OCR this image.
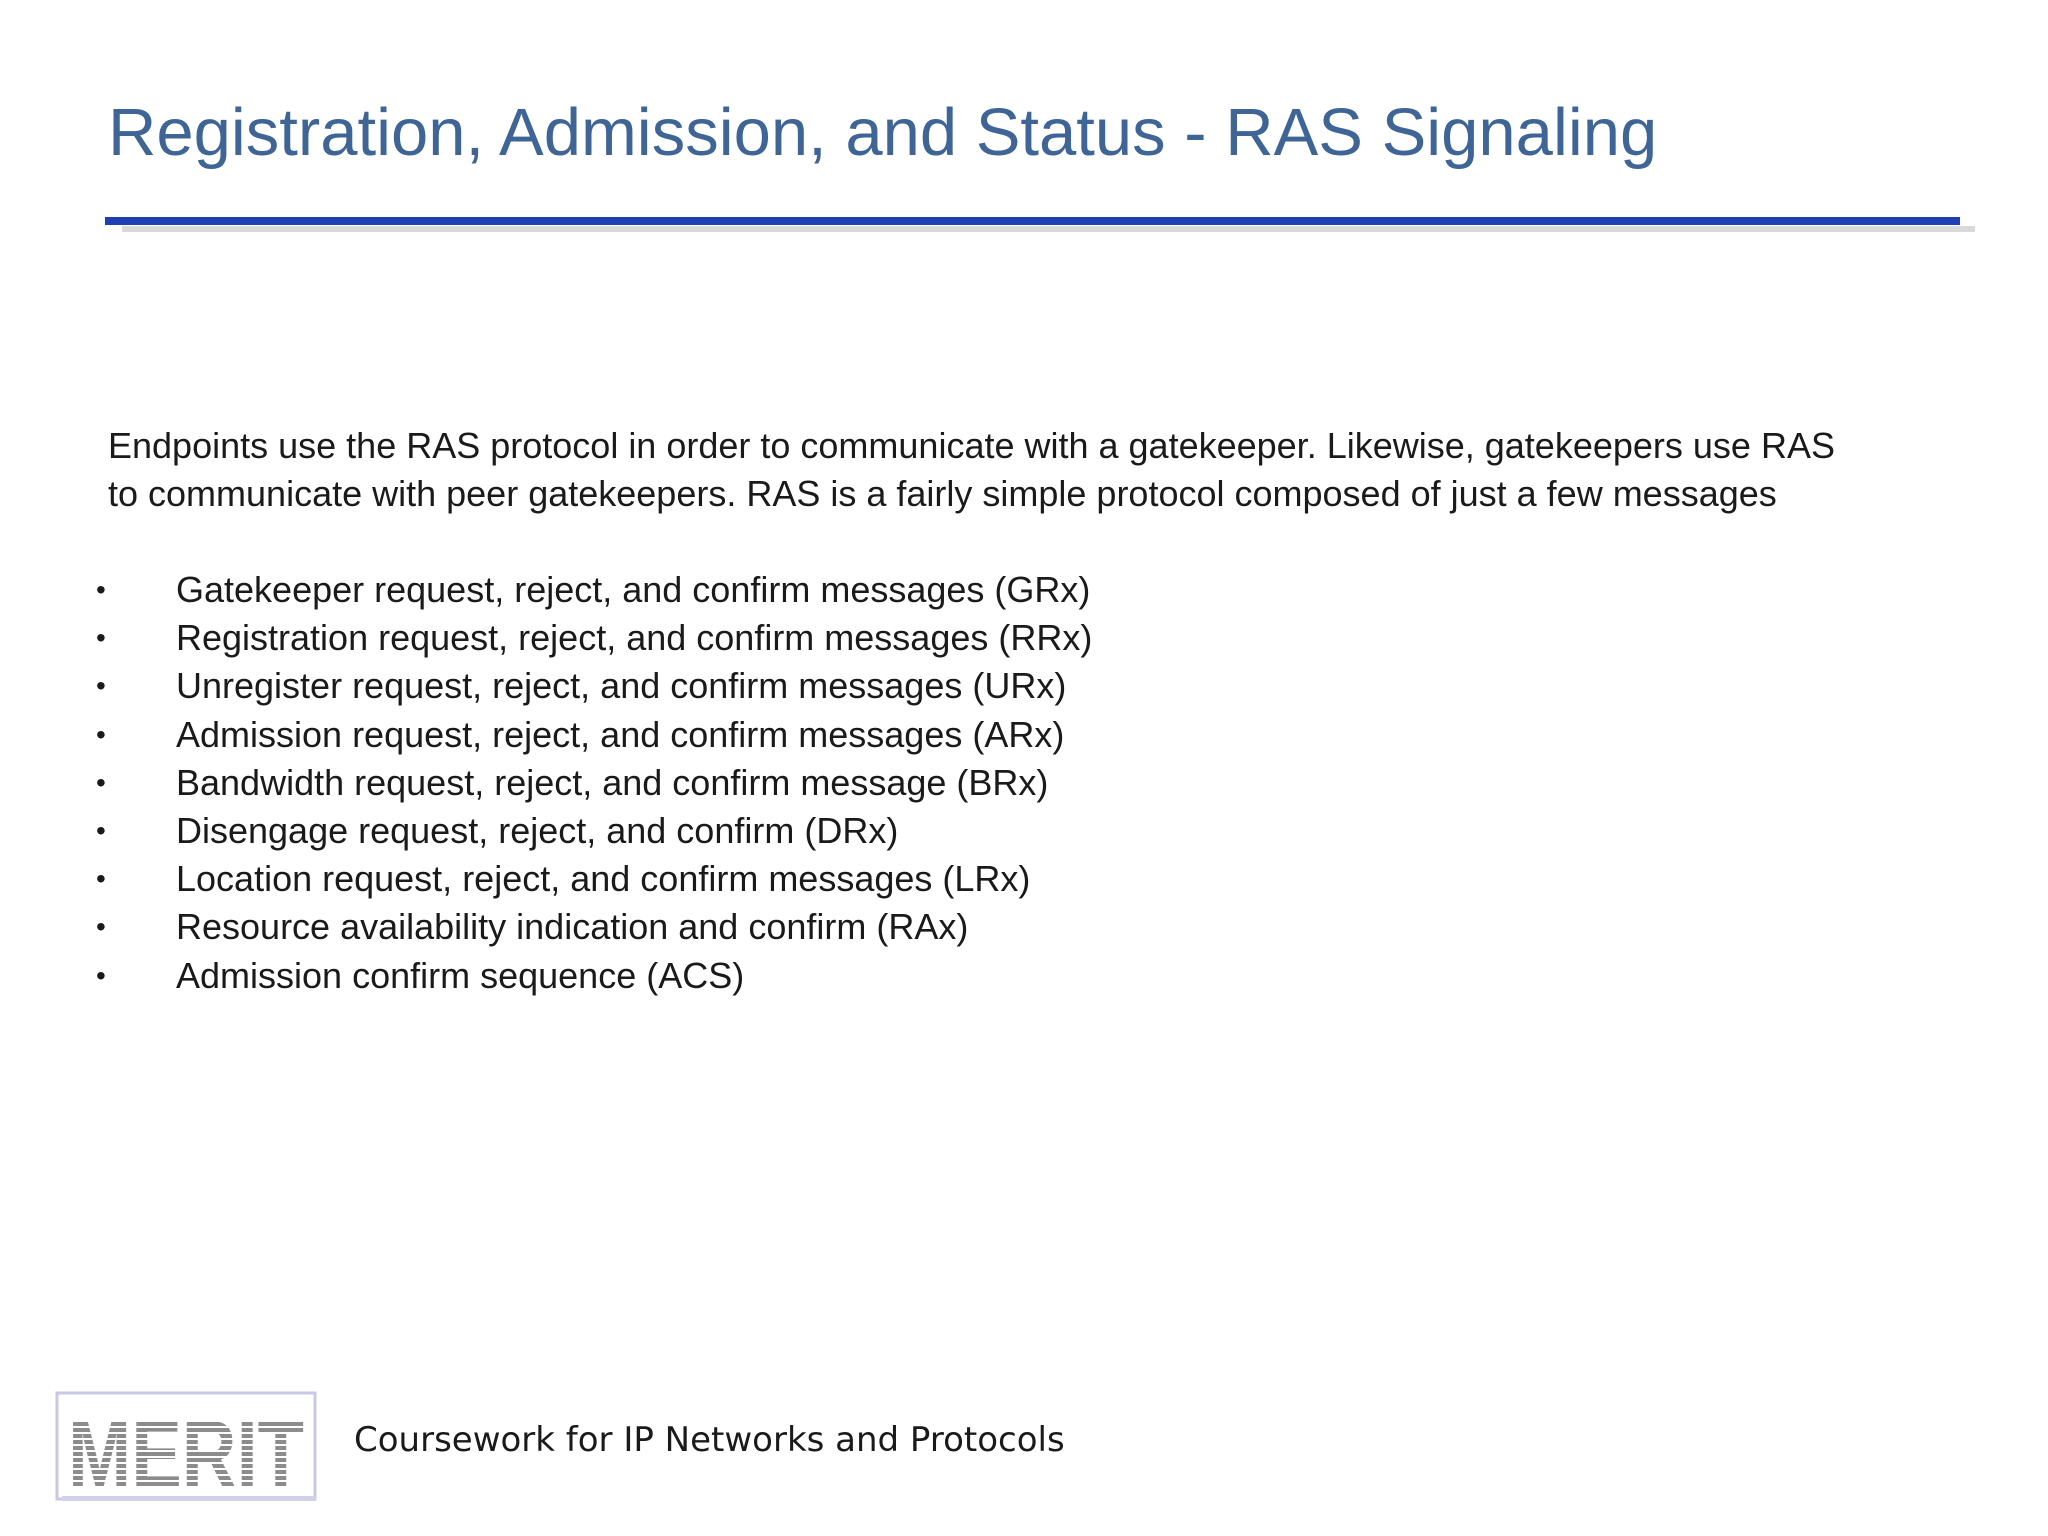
Registration, Admission, and Status - RAS Signaling

Endpoints use the RAS protocol in order to communicate with a gatekeeper. Likewise, gatekeepers use RAS
to communicate with peer gatekeepers. RAS is a fairly simple protocol composed of just a few messages

• Gatekeeper request, reject, and confirm messages (GRx)
• Registration request, reject, and confirm messages (RRx)
• Unregister request, reject, and confirm messages (URx)
• Admission request, reject, and confirm messages (ARx)
• Bandwidth request, reject, and confirm message (BRx)
• Disengage request, reject, and confirm (DRx)
• Location request, reject, and confirm messages (LRx)
• Resource availability indication and confirm (RAx)
• Admission confirm sequence (ACS)
MERIT Coursework for IP Networks and Protocols
